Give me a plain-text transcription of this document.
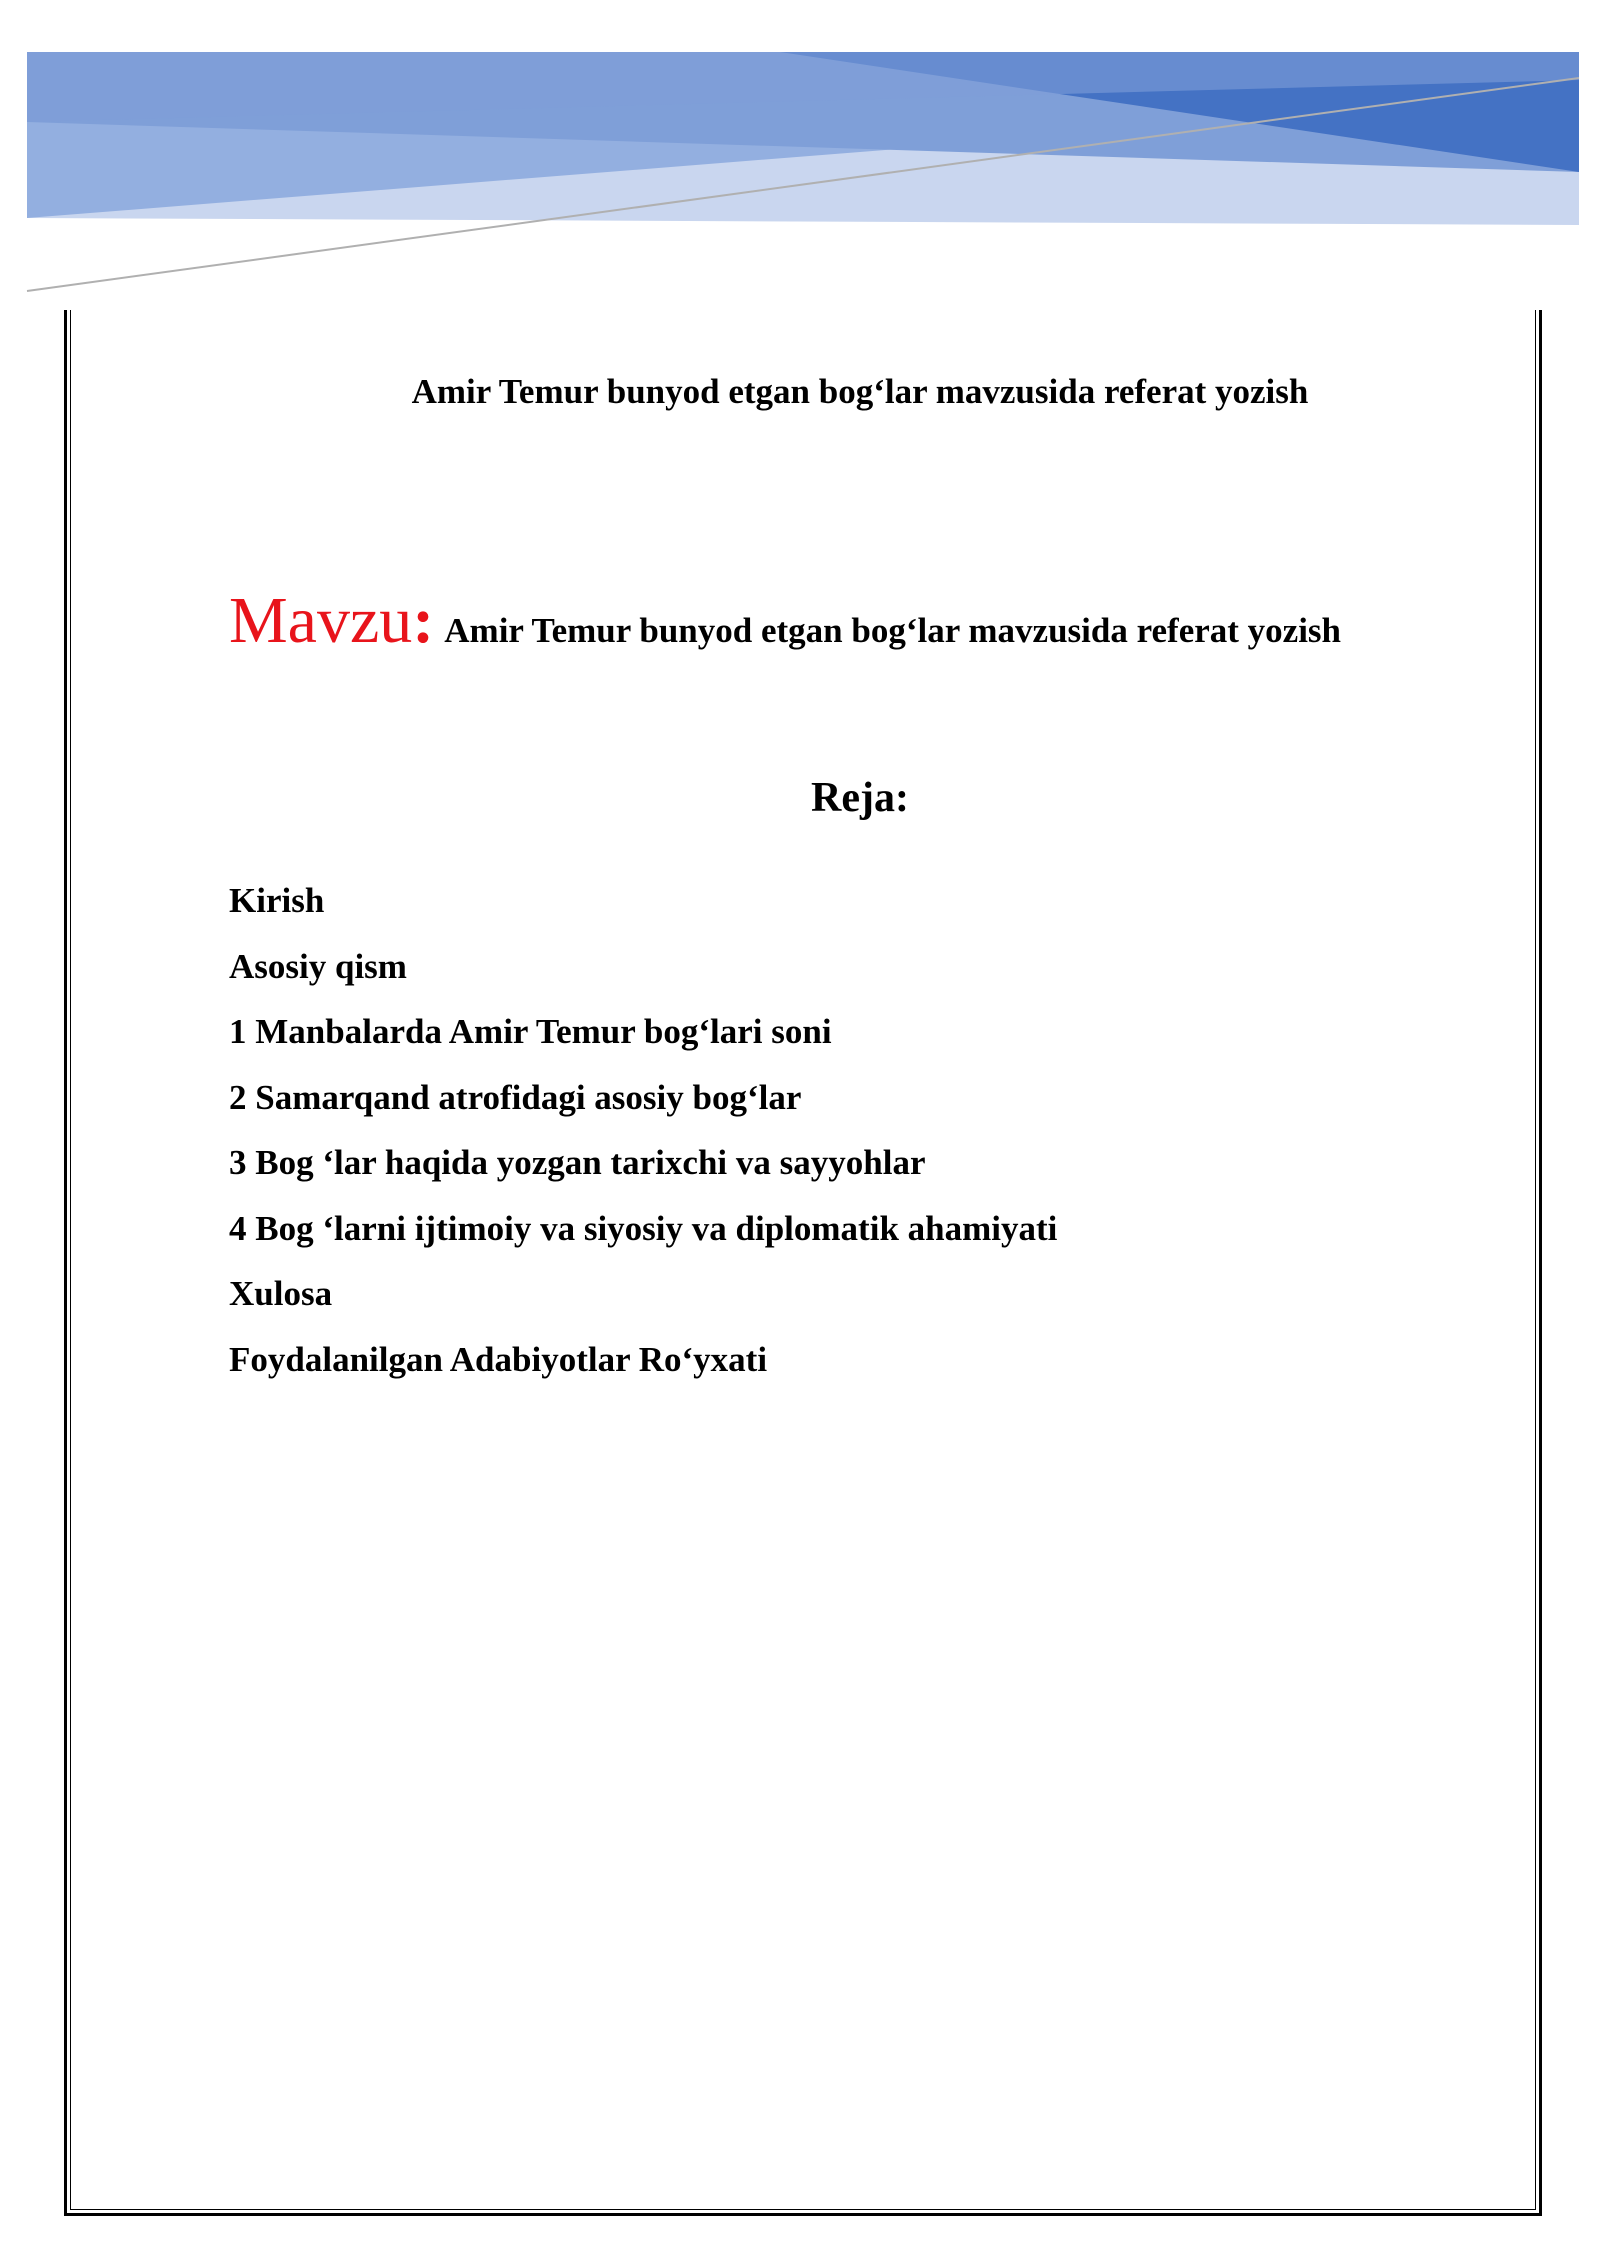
Amir Temur bunyod etgan bog‘lar mavzusida referat yozish
Mavzu: Amir Temur bunyod etgan bog‘lar mavzusida referat yozish
Reja:
Kirish
Asosiy qism
1 Manbalarda Amir Temur bog‘lari soni
2 Samarqand atrofidagi asosiy bog‘lar
3 Bog ‘lar haqida yozgan tarixchi va sayyohlar
4 Bog ‘larni ijtimoiy va siyosiy va diplomatik ahamiyati
Xulosa
Foydalanilgan Adabiyotlar Ro‘yxati
